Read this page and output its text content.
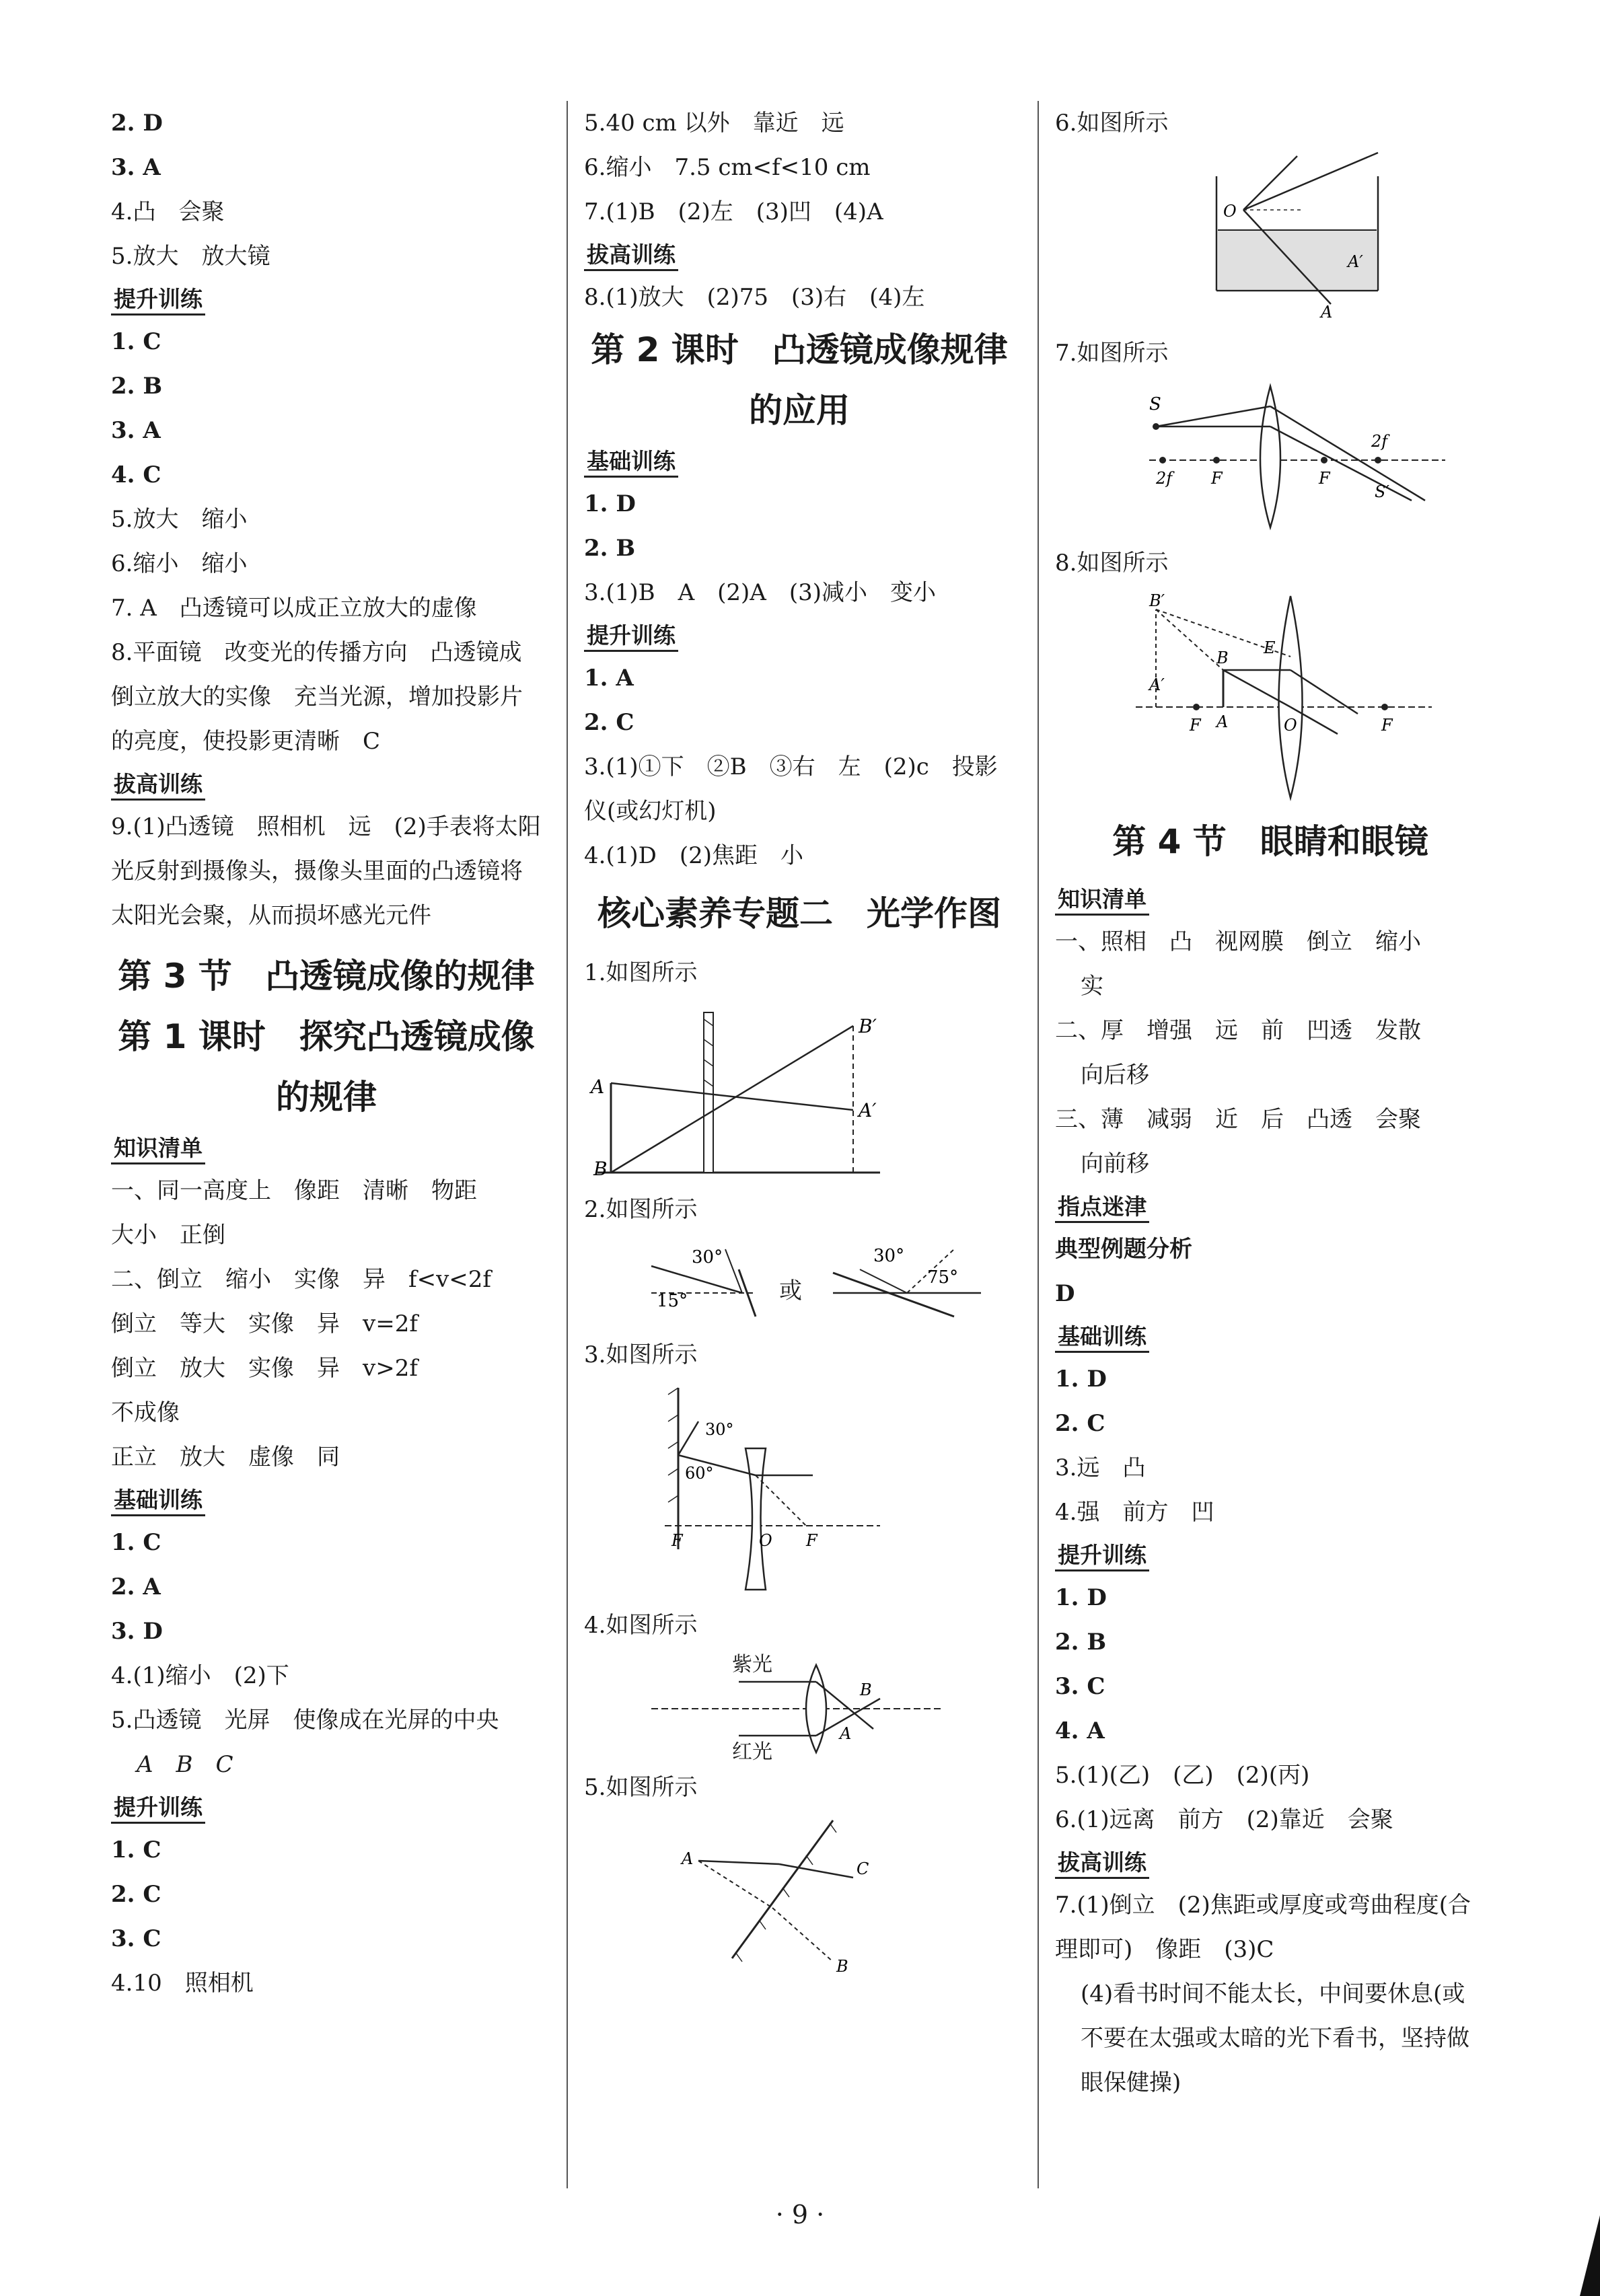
2. D
3. A
4.凸　会聚
5.放大　放大镜
提升训练
1. C
2. B
3. A
4. C
5.放大　缩小
6.缩小　缩小
7. A　凸透镜可以成正立放大的虚像
8.平面镜　改变光的传播方向　凸透镜成倒立放大的实像　充当光源，增加投影片的亮度，使投影更清晰　C
拔高训练
9.(1)凸透镜　照相机　远　(2)手表将太阳光反射到摄像头，摄像头里面的凸透镜将太阳光会聚，从而损坏感光元件
第 3 节　凸透镜成像的规律
第 1 课时　探究凸透镜成像的规律
知识清单
一、同一高度上　像距　清晰　物距
大小　正倒
二、倒立　缩小　实像　异　f<v<2f
倒立　等大　实像　异　v=2f
倒立　放大　实像　异　v>2f
不成像
正立　放大　虚像　同
基础训练
1. C
2. A
3. D
4.(1)缩小　(2)下
5.凸透镜　光屏　使像成在光屏的中央
A　B　C
提升训练
1. C
2. C
3. C
4.10　照相机
5.40 cm 以外　靠近　远
6.缩小　7.5 cm<f<10 cm
7.(1)B　(2)左　(3)凹　(4)A
拔高训练
8.(1)放大　(2)75　(3)右　(4)左
第 2 课时　凸透镜成像规律的应用
基础训练
1. D
2. B
3.(1)B　A　(2)A　(3)减小　变小
提升训练
1. A
2. C
3.(1)①下　②B　③右　左　(2)c　投影仪(或幻灯机)
4.(1)D　(2)焦距　小
核心素养专题二　光学作图
1.如图所示
A
B
B′
A′
2.如图所示
30°
15°	或
30°
75°
3.如图所示
30°
60°
F	O F
4.如图所示
紫光
红光
B
A
5.如图所示
A
C
B
6.如图所示
O
A′
A
7.如图所示
S
2f F	F
2f
S′
8.如图所示
B′
A′
B
E
A
F	O	F
第 4 节　眼睛和眼镜
知识清单
一、照相　凸　视网膜　倒立　缩小
实
二、厚　增强　远　前　凹透　发散
向后移
三、薄　减弱　近　后　凸透　会聚
向前移
指点迷津
典型例题分析
D
基础训练
1. D
2. C
3.远　凸
4.强　前方　凹
提升训练
1. D
2. B
3. C
4. A
5.(1)(乙)　(乙)　(2)(丙)
6.(1)远离　前方　(2)靠近　会聚
拔高训练
7.(1)倒立　(2)焦距或厚度或弯曲程度(合理即可)　像距　(3)C
(4)看书时间不能太长，中间要休息(或不要在太强或太暗的光下看书，坚持做眼保健操)
· 9 ·
